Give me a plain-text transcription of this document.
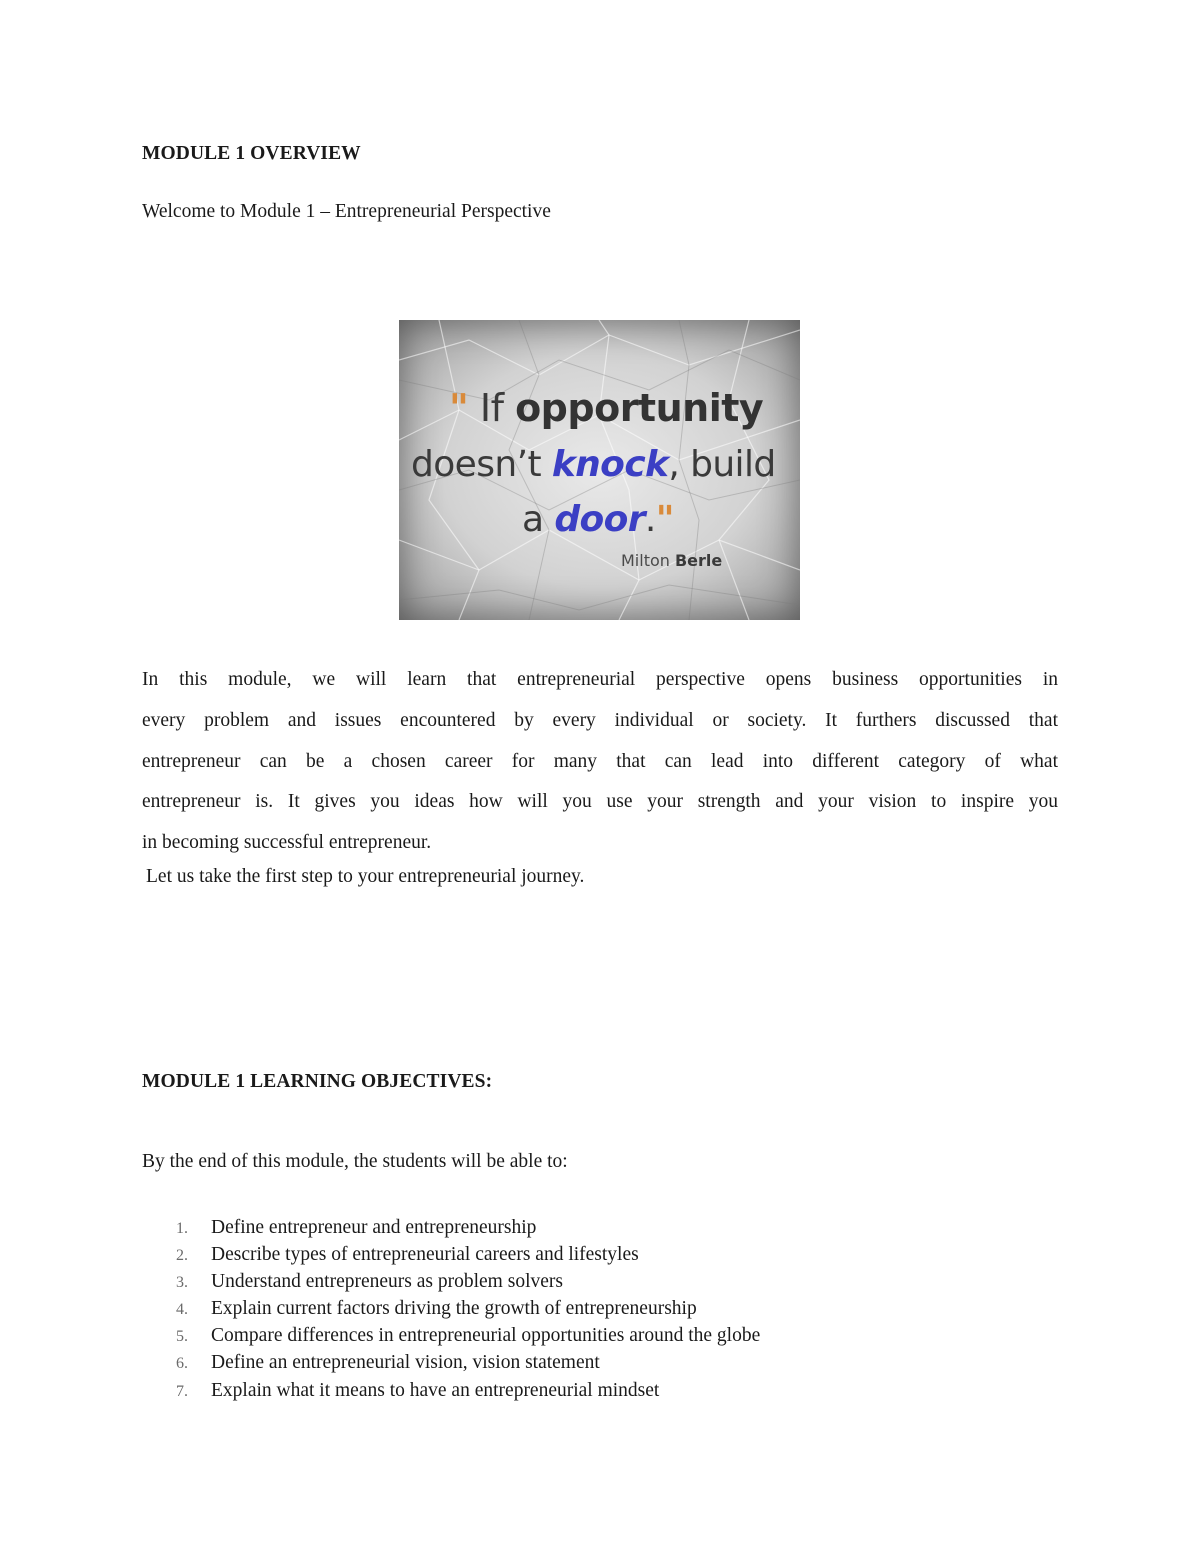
MODULE 1 OVERVIEW

Welcome to Module 1 – Entrepreneurial Perspective

" If opportunity

doesn’t knock, build

a door."

Milton Berle

In this module, we will learn that entrepreneurial perspective opens business opportunities in
every problem and issues encountered by every individual or society. It furthers discussed that
entrepreneur can be a chosen career for many that can lead into different category of what
entrepreneur is. It gives you ideas how will you use your strength and your vision to inspire you
in becoming successful entrepreneur.

Let us take the first step to your entrepreneurial journey.

MODULE 1 LEARNING OBJECTIVES:

By the end of this module, the students will be able to:

1.	Define entrepreneur and entrepreneurship
2.	Describe types of entrepreneurial careers and lifestyles
3.	Understand entrepreneurs as problem solvers
4.	Explain current factors driving the growth of entrepreneurship
5.	Compare differences in entrepreneurial opportunities around the globe
6.	Define an entrepreneurial vision, vision statement
7.	Explain what it means to have an entrepreneurial mindset
